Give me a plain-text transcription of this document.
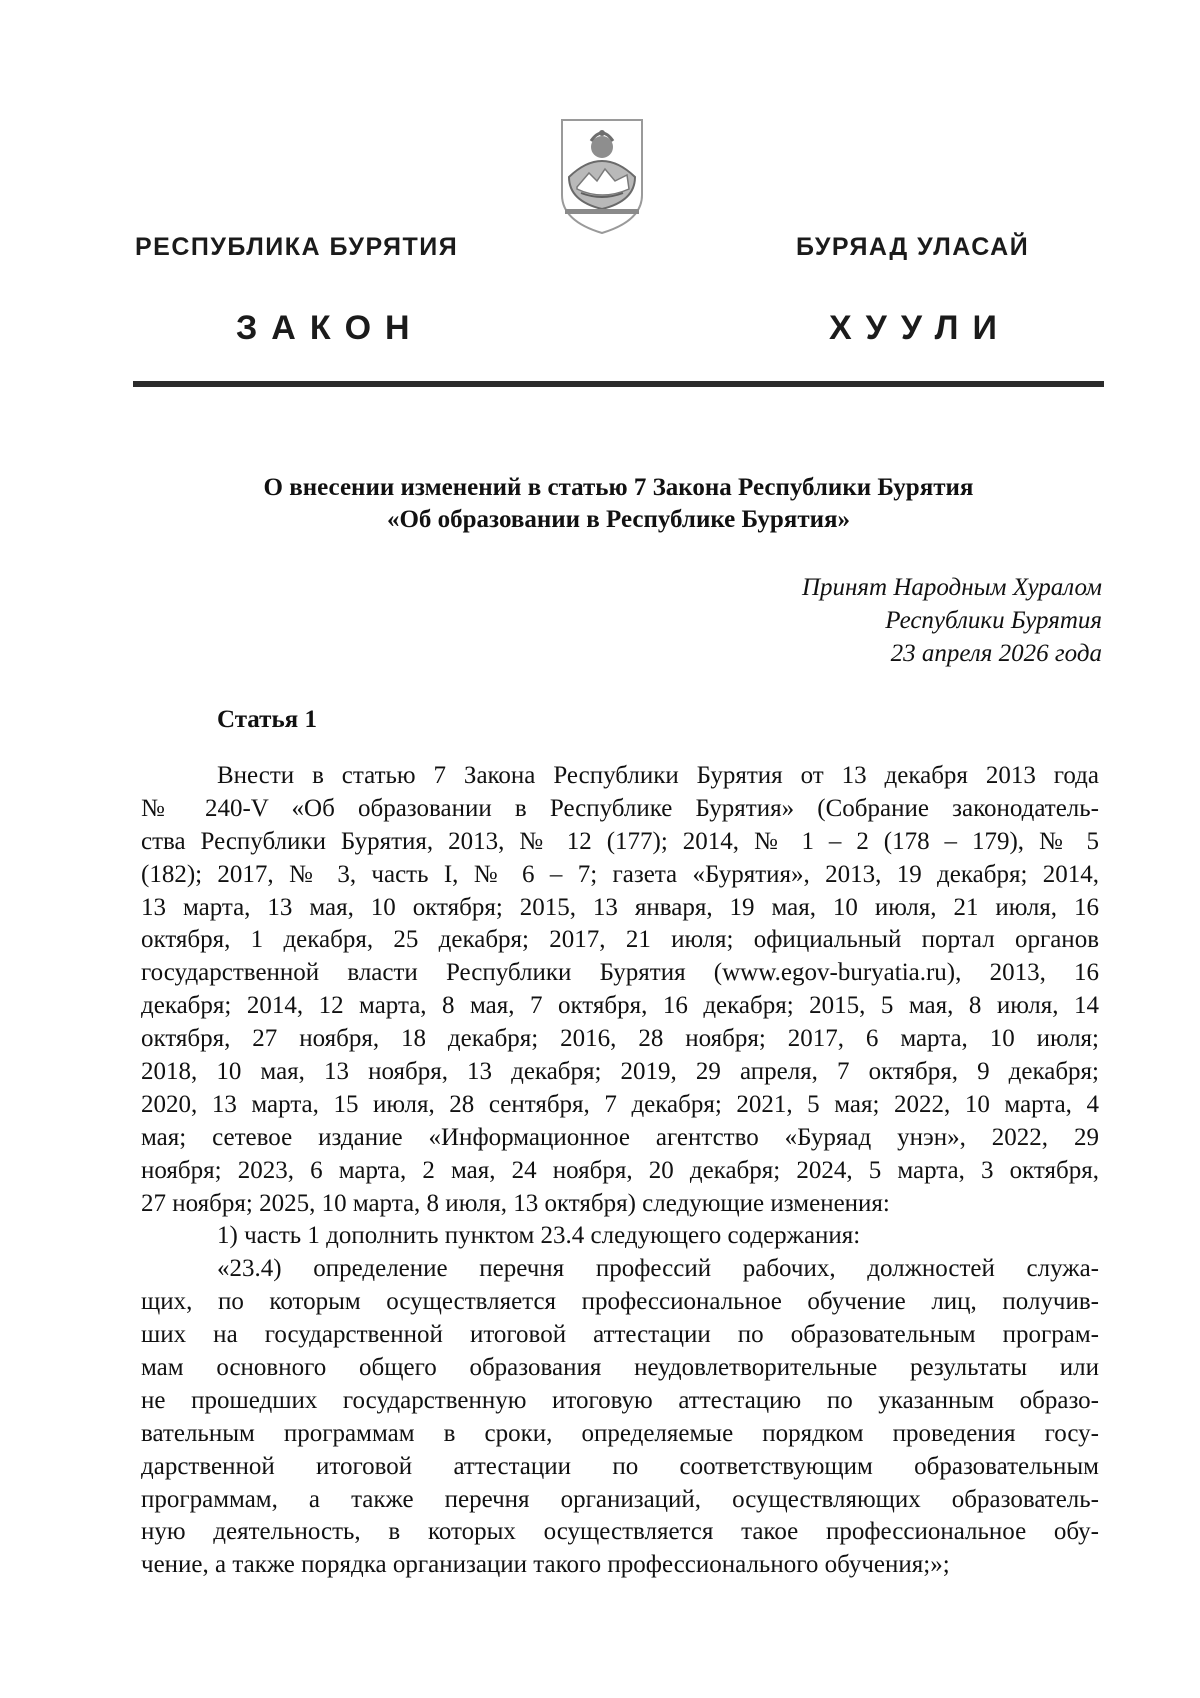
РЕСПУБЛИКА БУРЯТИЯ	БУРЯАД УЛАСАЙ
ЗАКОН	ХУУЛИ
О внесении изменений в статью 7 Закона Республики Бурятия
«Об образовании в Республике Бурятия»
Принят Народным Хуралом
Республики Бурятия
23 апреля 2026 года
Статья 1
Внести в статью 7 Закона Республики Бурятия от 13 декабря 2013 года
№ 240-V «Об образовании в Республике Бурятия» (Собрание законодатель-
ства Республики Бурятия, 2013, № 12 (177); 2014, № 1 – 2 (178 – 179), № 5
(182); 2017, № 3, часть I, № 6 – 7; газета «Бурятия», 2013, 19 декабря; 2014,
13 марта, 13 мая, 10 октября; 2015, 13 января, 19 мая, 10 июля, 21 июля, 16
октября, 1 декабря, 25 декабря; 2017, 21 июля; официальный портал органов
государственной власти Республики Бурятия (www.egov-buryatia.ru), 2013, 16
декабря; 2014, 12 марта, 8 мая, 7 октября, 16 декабря; 2015, 5 мая, 8 июля, 14
октября, 27 ноября, 18 декабря; 2016, 28 ноября; 2017, 6 марта, 10 июля;
2018, 10 мая, 13 ноября, 13 декабря; 2019, 29 апреля, 7 октября, 9 декабря;
2020, 13 марта, 15 июля, 28 сентября, 7 декабря; 2021, 5 мая; 2022, 10 марта, 4
мая; сетевое издание «Информационное агентство «Буряад унэн», 2022, 29
ноября; 2023, 6 марта, 2 мая, 24 ноября, 20 декабря; 2024, 5 марта, 3 октября,
27 ноября; 2025, 10 марта, 8 июля, 13 октября) следующие изменения:
1) часть 1 дополнить пунктом 23.4 следующего содержания:
«23.4) определение перечня профессий рабочих, должностей служа-
щих, по которым осуществляется профессиональное обучение лиц, получив-
ших на государственной итоговой аттестации по образовательным програм-
мам основного общего образования неудовлетворительные результаты или
не прошедших государственную итоговую аттестацию по указанным образо-
вательным программам в сроки, определяемые порядком проведения госу-
дарственной итоговой аттестации по соответствующим образовательным
программам, а также перечня организаций, осуществляющих образователь-
ную деятельность, в которых осуществляется такое профессиональное обу-
чение, а также порядка организации такого профессионального обучения;»;
